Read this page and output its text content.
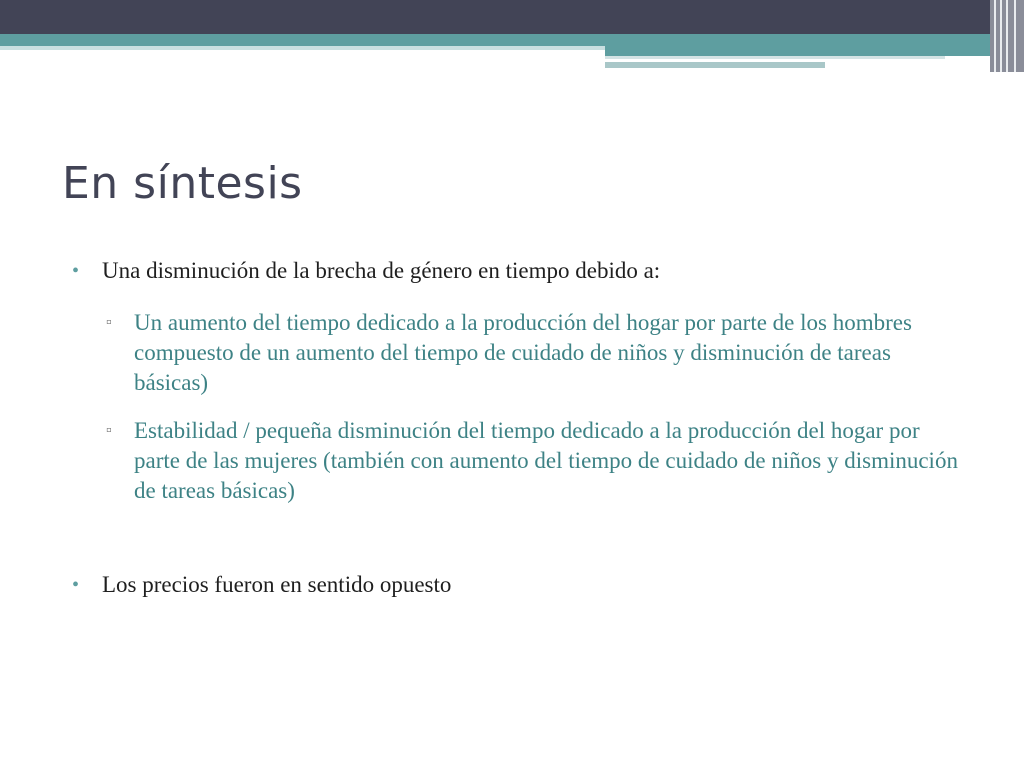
En síntesis
• Una disminución de la brecha de género en tiempo debido a:
▫ Un aumento del tiempo dedicado a la producción del hogar por parte de los hombres compuesto de un aumento del tiempo de cuidado de niños y disminución de tareas básicas)
▫ Estabilidad / pequeña disminución del tiempo dedicado a la producción del hogar por parte de las mujeres (también con aumento del tiempo de cuidado de niños y disminución de tareas básicas)
• Los precios fueron en sentido opuesto
